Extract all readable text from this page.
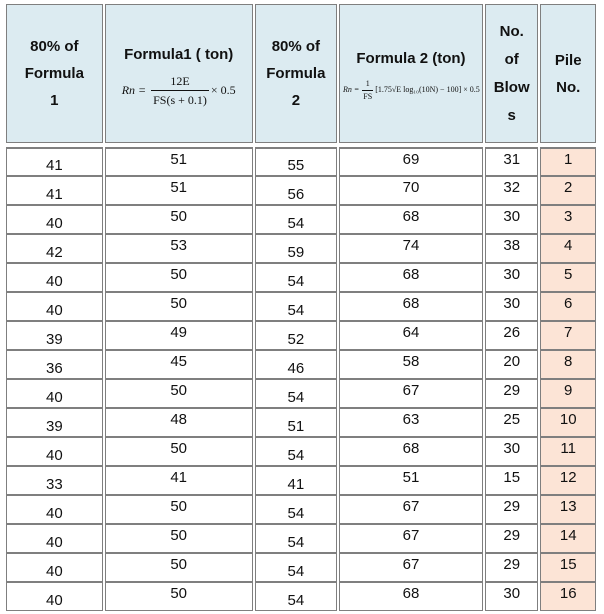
80% of
Formula
1	Formula1 ( ton)
$Rn = \frac{12E}{FS(s + 0.1)} \times 0.5$	80% of
Formula
2	Formula 2 (ton)
$Rn = \frac{1}{FS} [1.75√E$ log₁₀(10N) − 100] × 0.5	No.
of
Blow
s	Pile
No.

41	51	55	69	31	1

41	51	56	70	32	2

40	50	54	68	30	3

42	53	59	74	38	4

40	50	54	68	30	5

40	50	54	68	30	6

39	49	52	64	26	7

36	45	46	58	20	8

40	50	54	67	29	9

39	48	51	63	25	10

40	50	54	68	30	11

33	41	41	51	15	12

40	50	54	67	29	13

40	50	54	67	29	14

40	50	54	67	29	15

40	50	54	68	30	16
